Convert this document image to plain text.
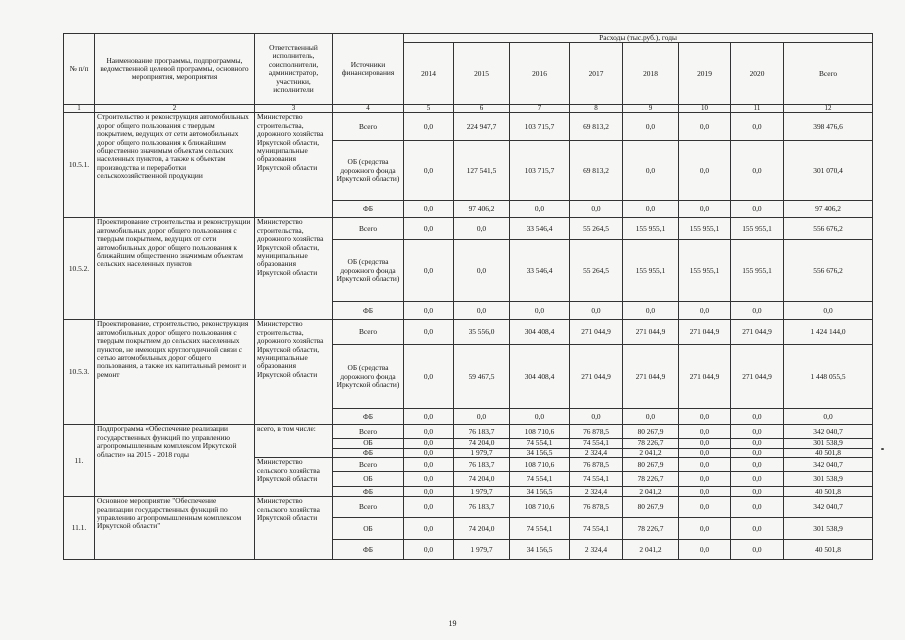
№ п/п	Наименование программы, подпрограммы, ведомственной целевой программы, основного мероприятия, мероприятия	Ответственный исполнитель, соисполнители, администратор, участники, исполнители	Источники финансирования	Расходы (тыс.руб.), годы							
				2014	2015	2016	2017	2018	2019	2020	Всего
1	2	3	4	5	6	7	8	9	10	11	12
10.5.1.	Строительство и реконструкция автомобильных дорог общего пользования с твердым покрытием, ведущих от сети автомобильных дорог общего пользования к ближайшим общественно значимым объектам сельских населенных пунктов, а также к объектам производства и переработки сельскохозяйственной продукции	Министерство строительства, дорожного хозяйства Иркутской области, муниципальные образования Иркутской области	Всего	0,0	224 947,7	103 715,7	69 813,2	0,0	0,0	0,0	398 476,6
			ОБ (средства дорожного фонда Иркутской области)	0,0	127 541,5	103 715,7	69 813,2	0,0	0,0	0,0	301 070,4
			ФБ	0,0	97 406,2	0,0	0,0	0,0	0,0	0,0	97 406,2
10.5.2.	Проектирование строительства и реконструкции автомобильных дорог общего пользования с твердым покрытием, ведущих от сети автомобильных дорог общего пользования к ближайшим общественно значимым объектам сельских населенных пунктов	Министерство строительства, дорожного хозяйства Иркутской области, муниципальные образования Иркутской области	Всего	0,0	0,0	33 546,4	55 264,5	155 955,1	155 955,1	155 955,1	556 676,2
			ОБ (средства дорожного фонда Иркутской области)	0,0	0,0	33 546,4	55 264,5	155 955,1	155 955,1	155 955,1	556 676,2
			ФБ	0,0	0,0	0,0	0,0	0,0	0,0	0,0	0,0
10.5.3.	Проектирование, строительство, реконструкция автомобильных дорог общего пользования с твердым покрытием до сельских населенных пунктов, не имеющих круглогодичной связи с сетью автомобильных дорог общего пользования, а также их капитальный ремонт и ремонт	Министерство строительства, дорожного хозяйства Иркутской области, муниципальные образования Иркутской области	Всего	0,0	35 556,0	304 408,4	271 044,9	271 044,9	271 044,9	271 044,9	1 424 144,0
			ОБ (средства дорожного фонда Иркутской области)	0,0	59 467,5	304 408,4	271 044,9	271 044,9	271 044,9	271 044,9	1 448 055,5
			ФБ	0,0	0,0	0,0	0,0	0,0	0,0	0,0	0,0
11.	Подпрограмма «Обеспечение реализации государственных функций по управлению агропромышленным комплексом Иркутской области» на 2015 - 2018 годы	всего, в том числе:	Всего	0,0	76 183,7	108 710,6	76 878,5	80 267,9	0,0	0,0	342 040,7
			ОБ	0,0	74 204,0	74 554,1	74 554,1	78 226,7	0,0	0,0	301 538,9
			ФБ	0,0	1 979,7	34 156,5	2 324,4	2 041,2	0,0	0,0	40 501,8
		Министерство сельского хозяйства Иркутской области	Всего	0,0	76 183,7	108 710,6	76 878,5	80 267,9	0,0	0,0	342 040,7
			ОБ	0,0	74 204,0	74 554,1	74 554,1	78 226,7	0,0	0,0	301 538,9
			ФБ	0,0	1 979,7	34 156,5	2 324,4	2 041,2	0,0	0,0	40 501,8
11.1.	Основное мероприятие "Обеспечение реализации государственных функций по управлению агропромышленным комплексом Иркутской области"	Министерство сельского хозяйства Иркутской области	Всего	0,0	76 183,7	108 710,6	76 878,5	80 267,9	0,0	0,0	342 040,7
			ОБ	0,0	74 204,0	74 554,1	74 554,1	78 226,7	0,0	0,0	301 538,9
			ФБ	0,0	1 979,7	34 156,5	2 324,4	2 041,2	0,0	0,0	40 501,8
19
